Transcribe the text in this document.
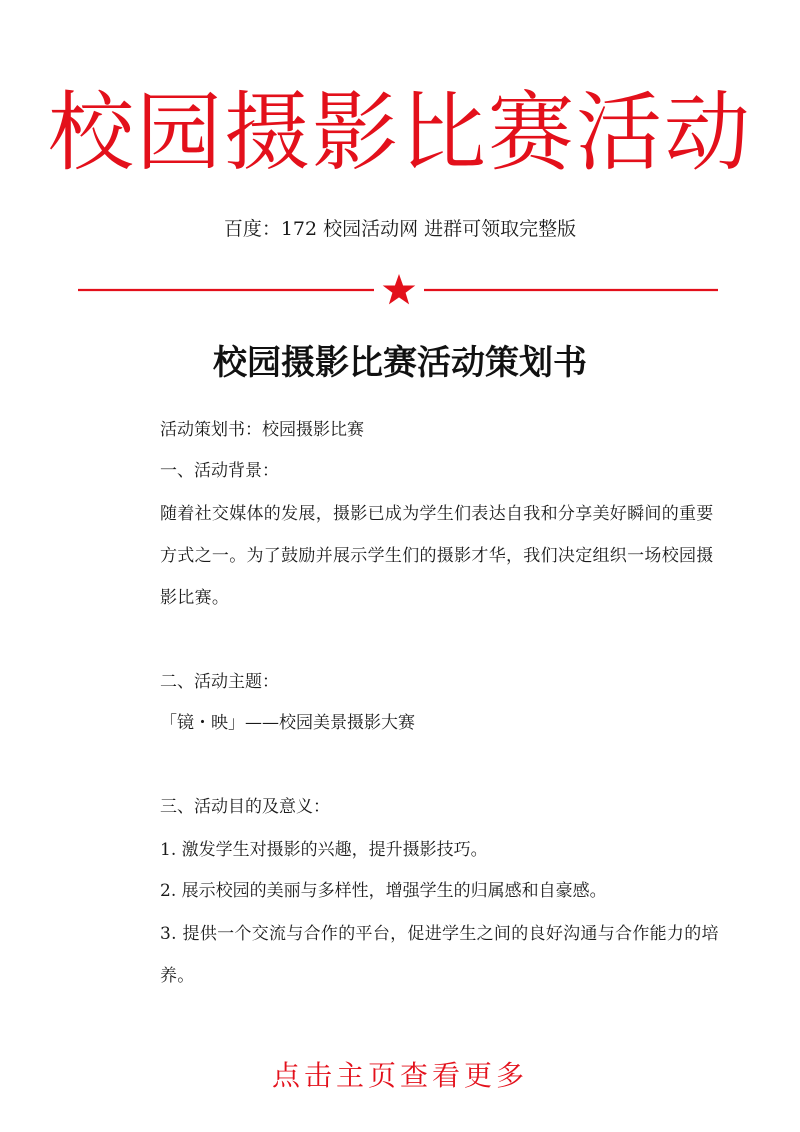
校园摄影比赛活动
百度：172 校园活动网 进群可领取完整版
校园摄影比赛活动策划书
活动策划书：校园摄影比赛
一、活动背景：
随着社交媒体的发展，摄影已成为学生们表达自我和分享美好瞬间的重要
方式之一。为了鼓励并展示学生们的摄影才华，我们决定组织一场校园摄
影比赛。
二、活动主题：
「镜・映」——校园美景摄影大赛
三、活动目的及意义：
1. 激发学生对摄影的兴趣，提升摄影技巧。
2. 展示校园的美丽与多样性，增强学生的归属感和自豪感。
3. 提供一个交流与合作的平台，促进学生之间的良好沟通与合作能力的培
养。
点击主页查看更多
